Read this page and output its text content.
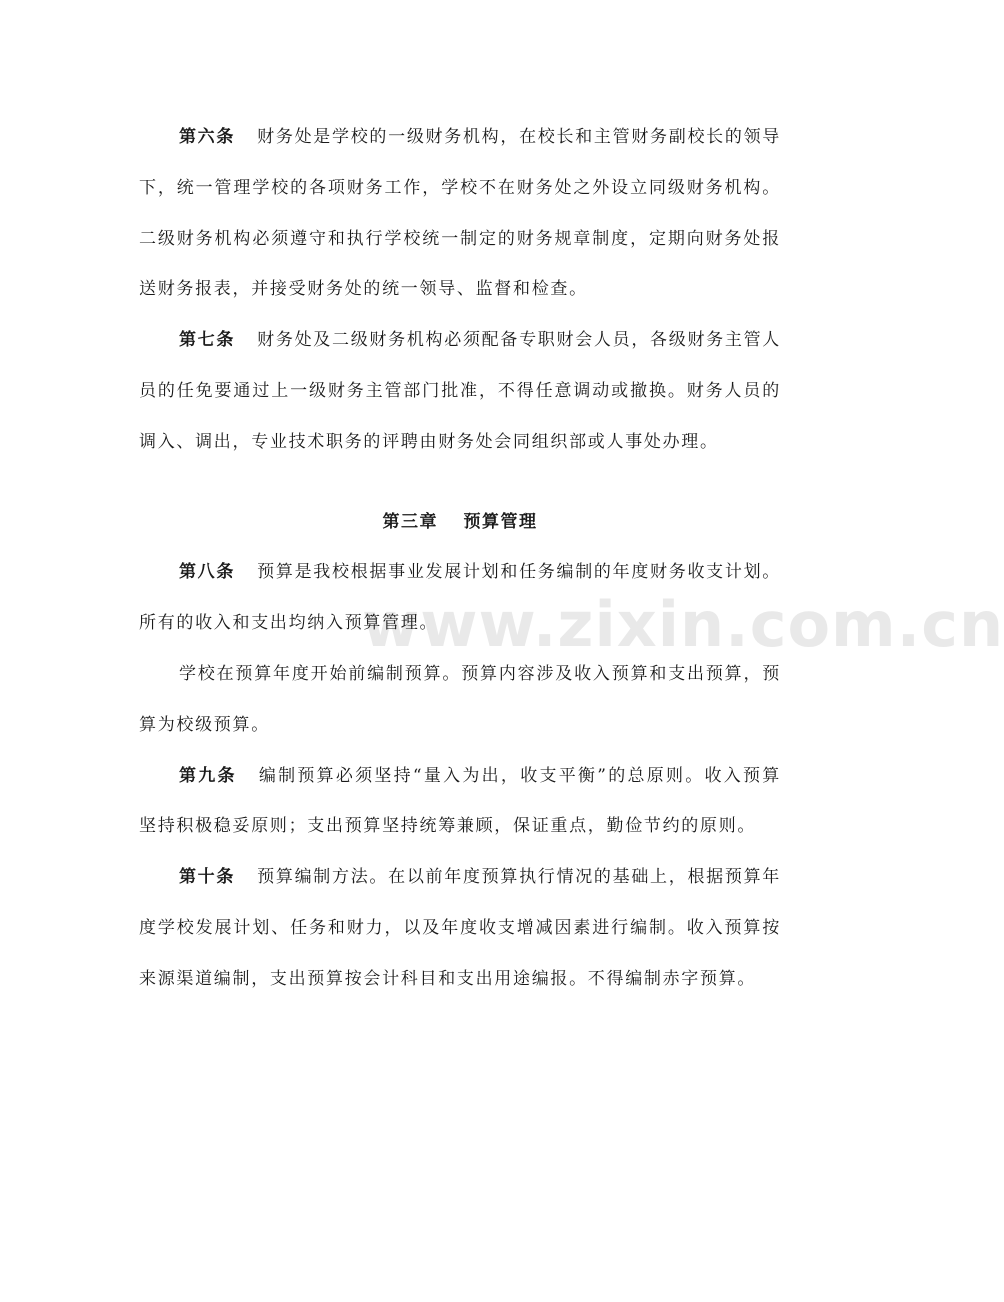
www.zixin.com.cn

第六条 财务处是学校的一级财务机构，在校长和主管财务副校长的领导下，统一管理学校的各项财务工作，学校不在财务处之外设立同级财务机构。二级财务机构必须遵守和执行学校统一制定的财务规章制度，定期向财务处报送财务报表，并接受财务处的统一领导、监督和检查。

第七条 财务处及二级财务机构必须配备专职财会人员，各级财务主管人员的任免要通过上一级财务主管部门批准，不得任意调动或撤换。财务人员的调入、调出，专业技术职务的评聘由财务处会同组织部或人事处办理。

第三章 预算管理

第八条 预算是我校根据事业发展计划和任务编制的年度财务收支计划。所有的收入和支出均纳入预算管理。

学校在预算年度开始前编制预算。预算内容涉及收入预算和支出预算，预算为校级预算。

第九条 编制预算必须坚持“量入为出，收支平衡”的总原则。收入预算坚持积极稳妥原则；支出预算坚持统筹兼顾，保证重点，勤俭节约的原则。

第十条 预算编制方法。在以前年度预算执行情况的基础上，根据预算年度学校发展计划、任务和财力，以及年度收支增减因素进行编制。收入预算按来源渠道编制，支出预算按会计科目和支出用途编报。不得编制赤字预算。
